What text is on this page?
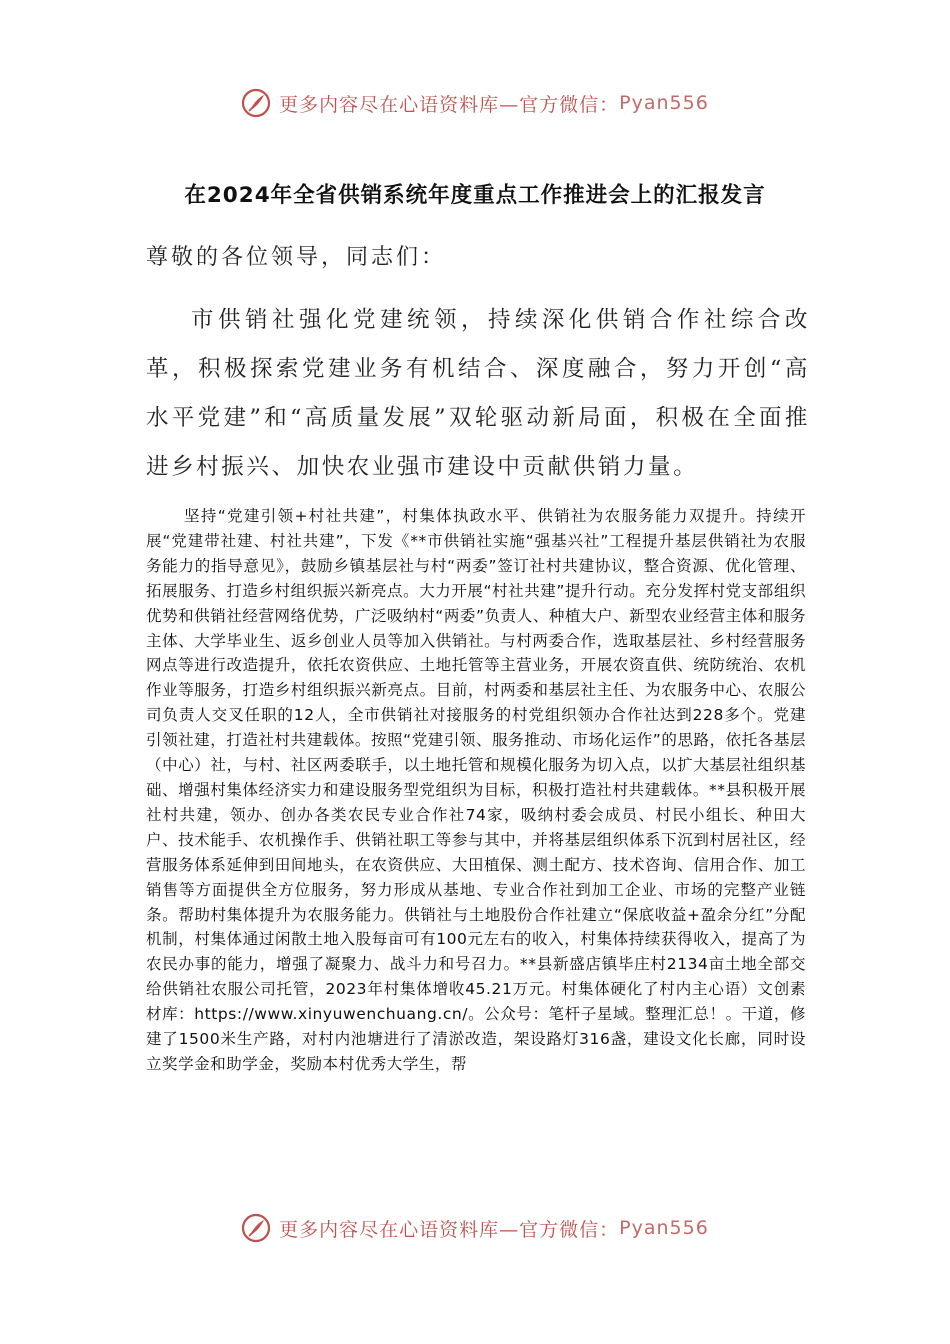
更多内容尽在心语资料库—官方微信： Pyan556
在2024年全省供销系统年度重点工作推进会上的汇报发言
尊敬的各位领导，同志们：

市供销社强化党建统领，持续深化供销合作社综合改革，积极探索党建业务有机结合、深度融合，努力开创“高水平党建”和“高质量发展”双轮驱动新局面，积极在全面推进乡村振兴、加快农业强市建设中贡献供销力量。

坚持“党建引领+村社共建”，村集体执政水平、供销社为农服务能力双提升。持续开展“党建带社建、村社共建”，下发《**市供销社实施“强基兴社”工程提升基层供销社为农服务能力的指导意见》，鼓励乡镇基层社与村“两委”签订社村共建协议，整合资源、优化管理、拓展服务、打造乡村组织振兴新亮点。大力开展“村社共建”提升行动。充分发挥村党支部组织优势和供销社经营网络优势，广泛吸纳村“两委”负责人、种植大户、新型农业经营主体和服务主体、大学毕业生、返乡创业人员等加入供销社。与村两委合作，选取基层社、乡村经营服务网点等进行改造提升，依托农资供应、土地托管等主营业务，开展农资直供、统防统治、农机作业等服务，打造乡村组织振兴新亮点。目前，村两委和基层社主任、为农服务中心、农服公司负责人交叉任职的12人，全市供销社对接服务的村党组织领办合作社达到228多个。党建引领社建，打造社村共建载体。按照“党建引领、服务推动、市场化运作”的思路，依托各基层（中心）社，与村、社区两委联手，以土地托管和规模化服务为切入点，以扩大基层社组织基础、增强村集体经济实力和建设服务型党组织为目标，积极打造社村共建载体。**县积极开展社村共建，领办、创办各类农民专业合作社74家，吸纳村委会成员、村民小组长、种田大户、技术能手、农机操作手、供销社职工等参与其中，并将基层组织体系下沉到村居社区，经营服务体系延伸到田间地头，在农资供应、大田植保、测土配方、技术咨询、信用合作、加工销售等方面提供全方位服务，努力形成从基地、专业合作社到加工企业、市场的完整产业链条。帮助村集体提升为农服务能力。供销社与土地股份合作社建立“保底收益+盈余分红”分配机制，村集体通过闲散土地入股每亩可有100元左右的收入，村集体持续获得收入，提高了为农民办事的能力，增强了凝聚力、战斗力和号召力。**县新盛店镇毕庄村2134亩土地全部交给供销社农服公司托管，2023年村集体增收45.21万元。村集体硬化了村内主心语）文创素材库：https://www.xinyuwenchuang.cn/。公众号：笔杆子星域。整理汇总！。干道，修建了1500米生产路，对村内池塘进行了清淤改造，架设路灯316盏，建设文化长廊，同时设立奖学金和助学金，奖励本村优秀大学生，帮

更多内容尽在心语资料库—官方微信： Pyan556
